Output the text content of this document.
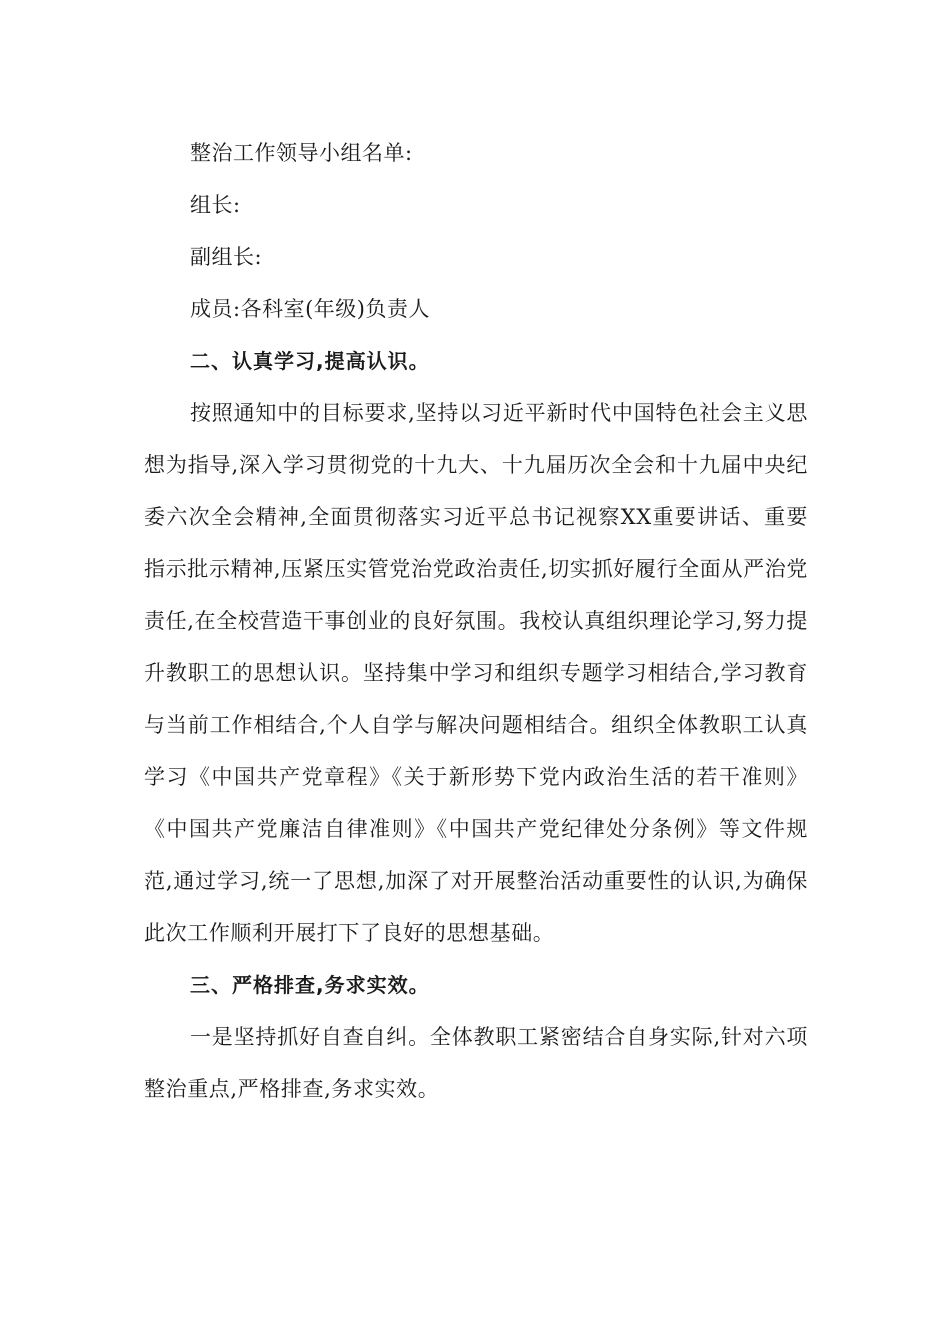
整治工作领导小组名单:
组长:
副组长:
成员:各科室(年级)负责人
二、认真学习,提高认识。

按照通知中的目标要求,坚持以习近平新时代中国特色社会主义思想为指导,深入学习贯彻党的十九大、十九届历次全会和十九届中央纪委六次全会精神,全面贯彻落实习近平总书记视察XX重要讲话、重要指示批示精神,压紧压实管党治党政治责任,切实抓好履行全面从严治党责任,在全校营造干事创业的良好氛围。我校认真组织理论学习,努力提升教职工的思想认识。坚持集中学习和组织专题学习相结合,学习教育与当前工作相结合,个人自学与解决问题相结合。组织全体教职工认真学习《中国共产党章程》《关于新形势下党内政治生活的若干准则》《中国共产党廉洁自律准则》《中国共产党纪律处分条例》等文件规范,通过学习,统一了思想,加深了对开展整治活动重要性的认识,为确保此次工作顺利开展打下了良好的思想基础。

三、严格排查,务求实效。

一是坚持抓好自查自纠。全体教职工紧密结合自身实际,针对六项整治重点,严格排查,务求实效。
